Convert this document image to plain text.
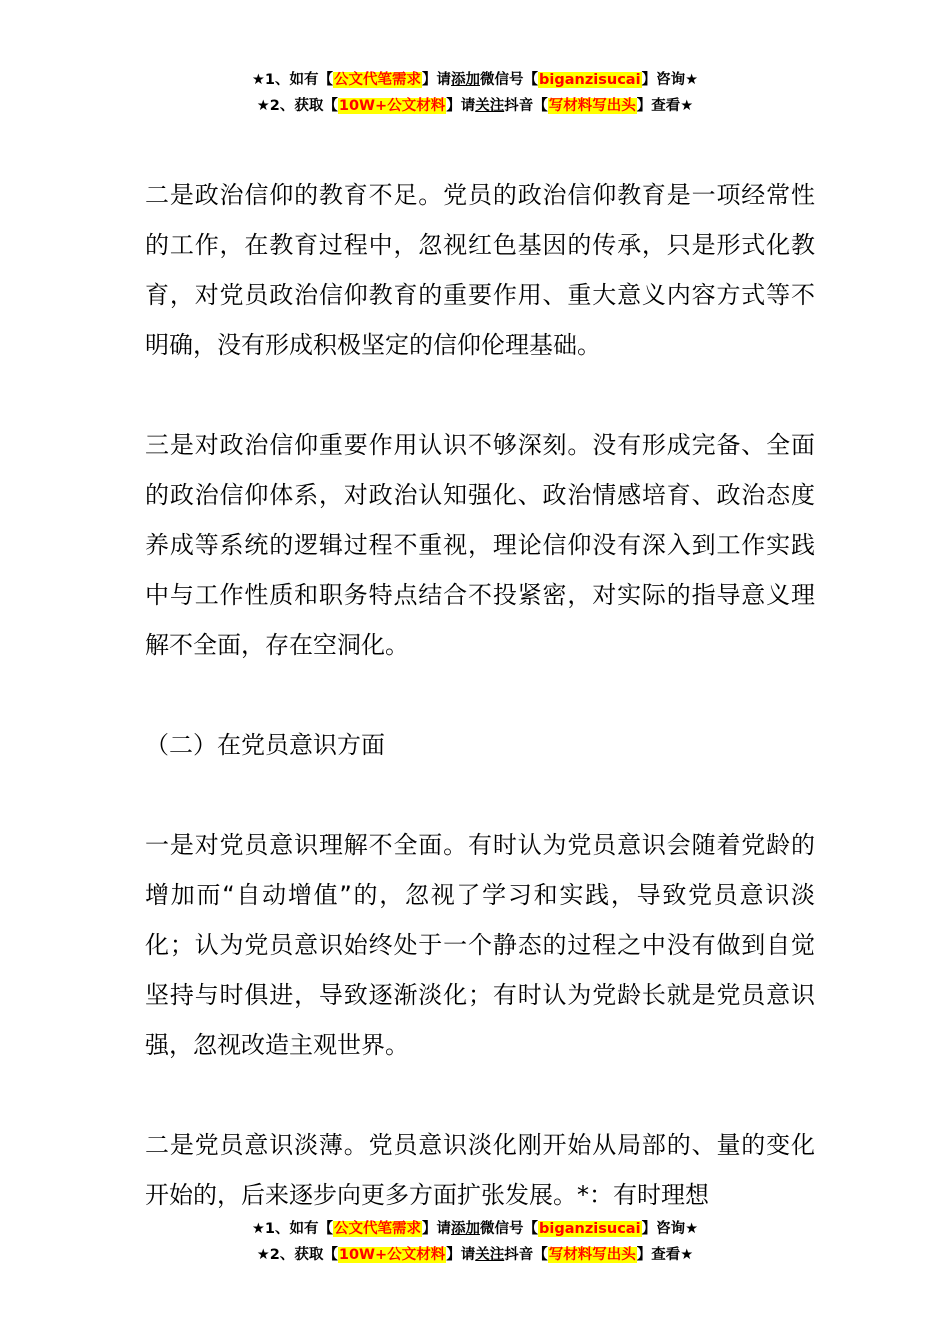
★1、如有【公文代笔需求】请添加微信号【biganzisucai】咨询★
★2、获取【10W+公文材料】请关注抖音【写材料写出头】查看★

二是政治信仰的教育不足。党员的政治信仰教育是一项经常性的工作，在教育过程中，忽视红色基因的传承，只是形式化教育，对党员政治信仰教育的重要作用、重大意义内容方式等不明确，没有形成积极坚定的信仰伦理基础。

三是对政治信仰重要作用认识不够深刻。没有形成完备、全面的政治信仰体系，对政治认知强化、政治情感培育、政治态度养成等系统的逻辑过程不重视，理论信仰没有深入到工作实践中与工作性质和职务特点结合不投紧密，对实际的指导意义理解不全面，存在空洞化。

（二）在党员意识方面

一是对党员意识理解不全面。有时认为党员意识会随着党龄的增加而“自动增值”的，忽视了学习和实践，导致党员意识淡化；认为党员意识始终处于一个静态的过程之中没有做到自觉坚持与时俱进，导致逐渐淡化；有时认为党龄长就是党员意识强，忽视改造主观世界。

二是党员意识淡薄。党员意识淡化刚开始从局部的、量的变化开始的，后来逐步向更多方面扩张发展。*：有时理想

★1、如有【公文代笔需求】请添加微信号【biganzisucai】咨询★
★2、获取【10W+公文材料】请关注抖音【写材料写出头】查看★
